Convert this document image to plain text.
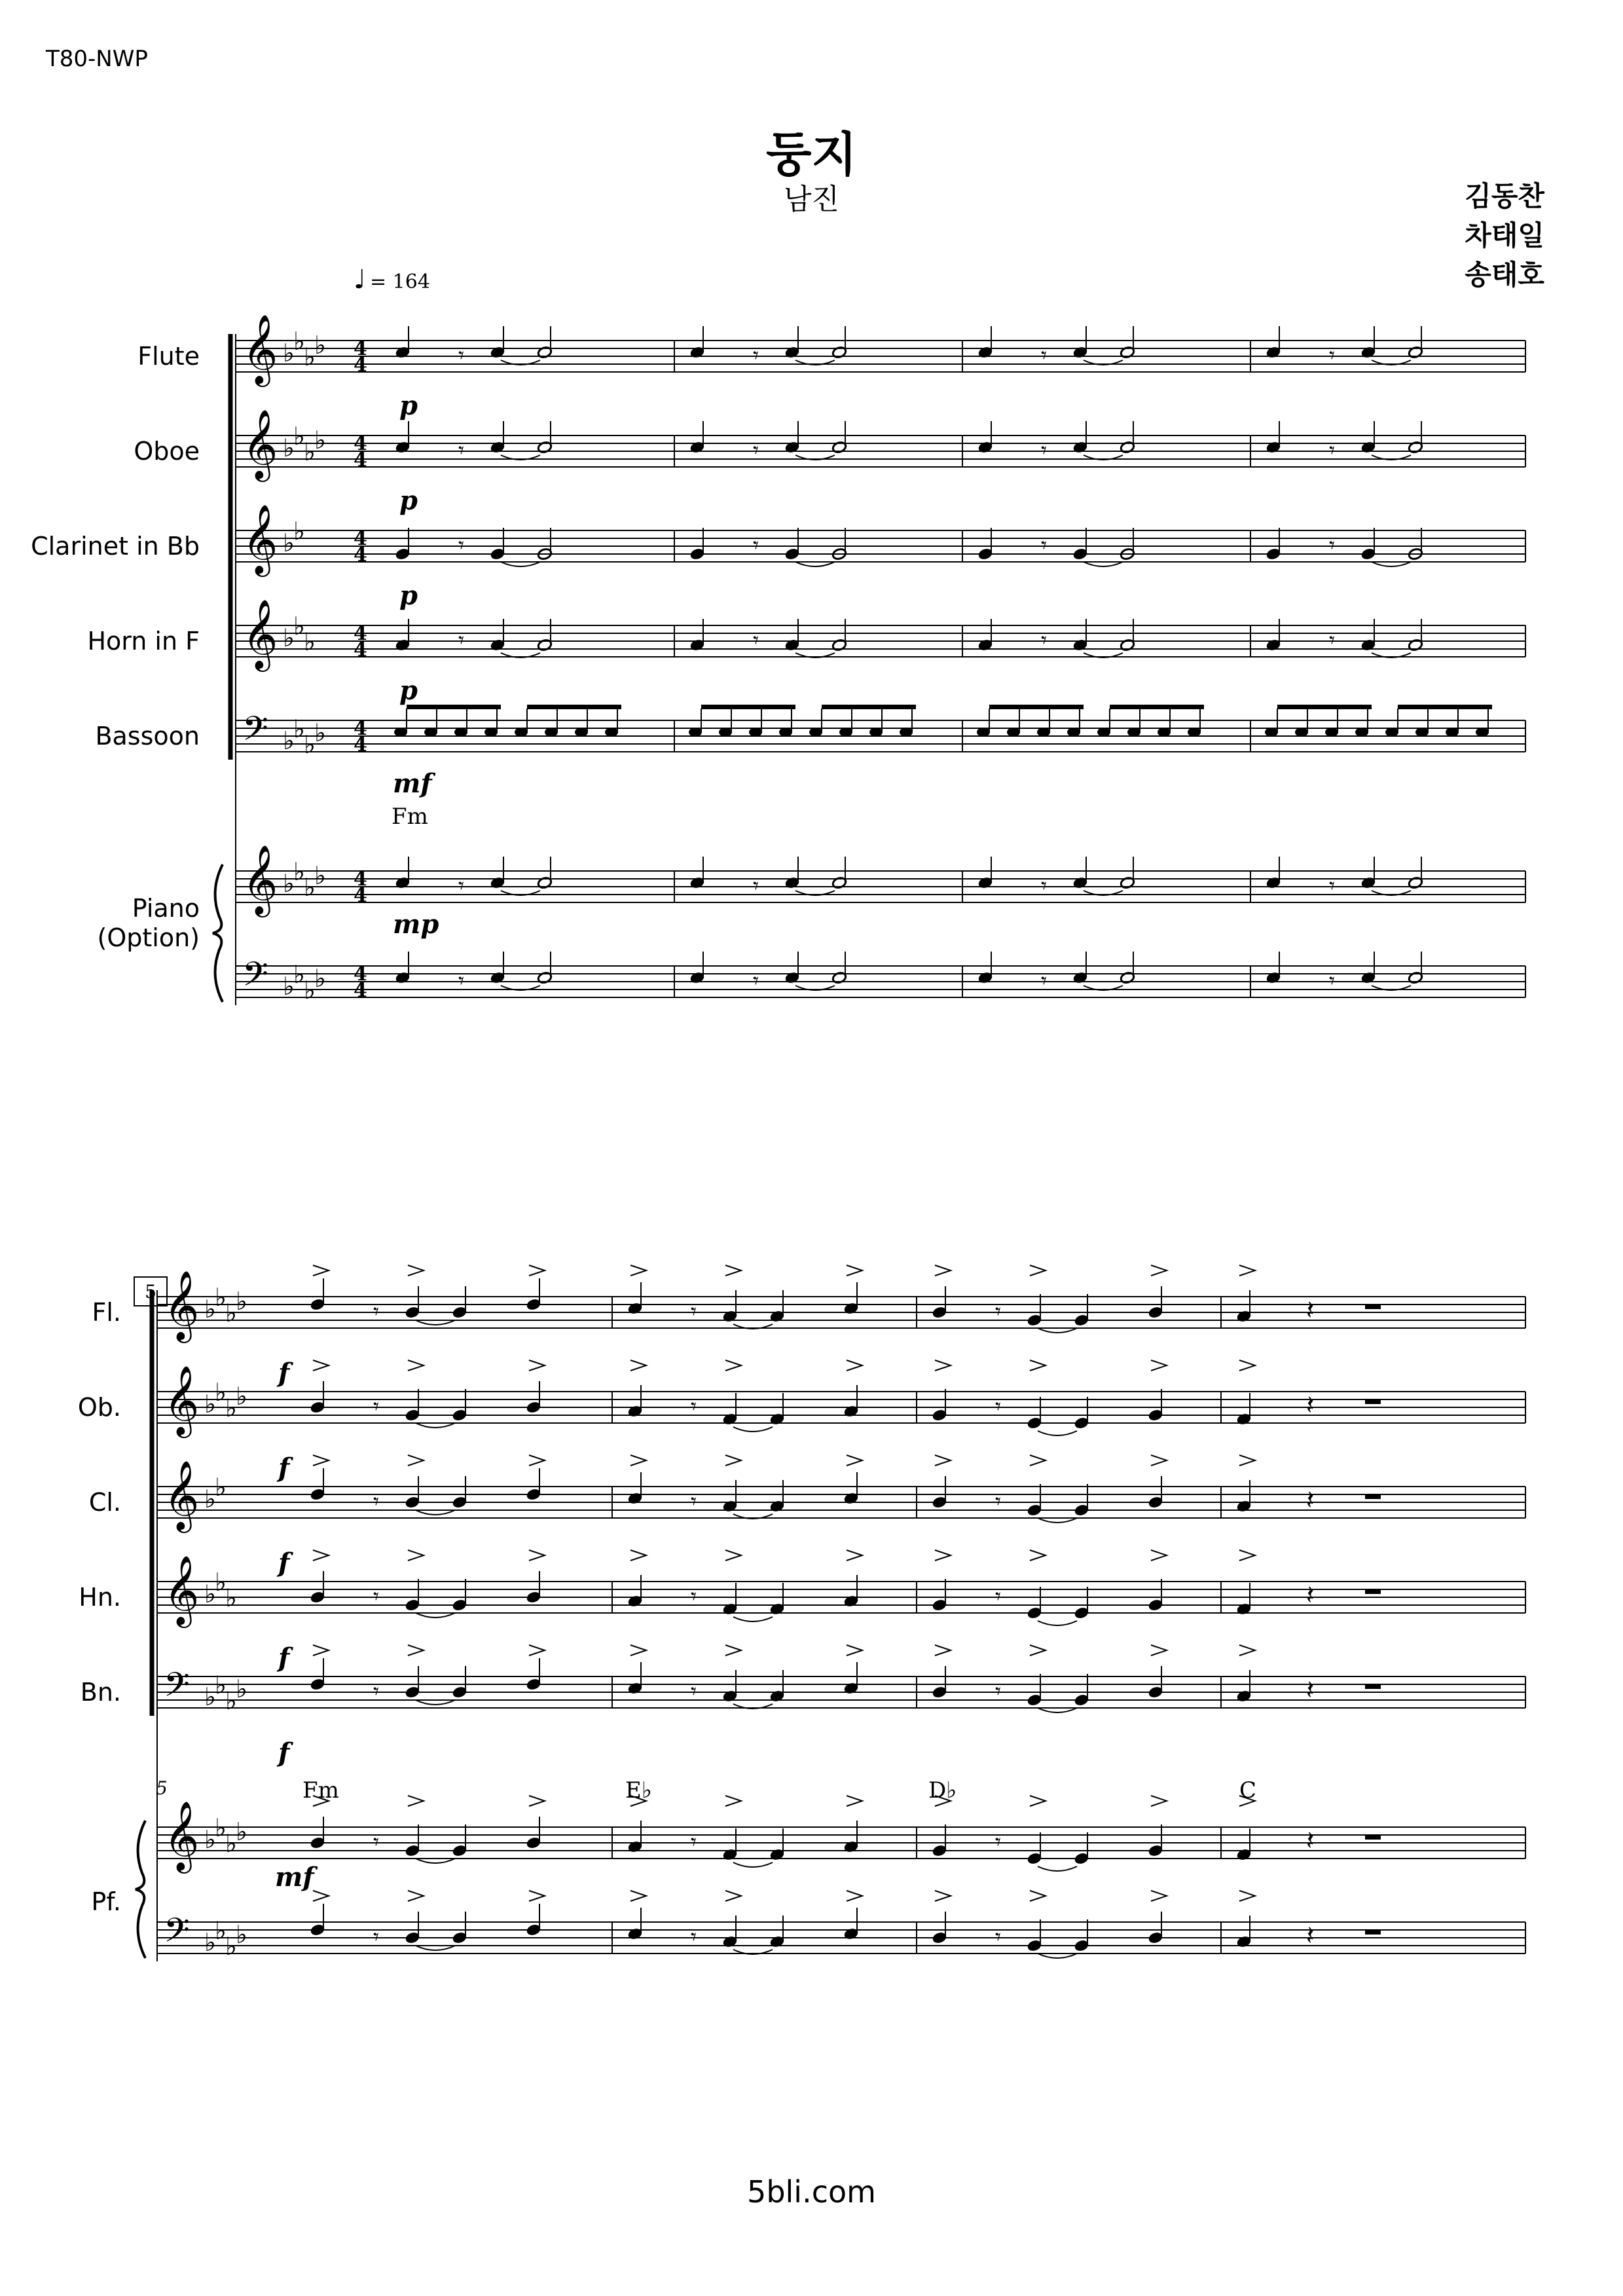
T80-NWP
둥지
남진	김동찬
차태일
송태호
𝄞 ♭
♭
♭
♭ 4
4
𝄞 ♭
♭
♭
♭ 4
4
𝄞 ♭
♭ 4
4
𝄞 ♭
♭
♭ 4
4
𝄢 ♭
♭
♭
♭ 4
4
𝄞 ♭
♭
♭
♭ 4
4
𝄢 ♭
♭
♭
♭ 4
4
𝄾	𝄾	𝄾	𝄾
𝄾	𝄾	𝄾	𝄾
𝄾	𝄾	𝄾	𝄾
𝄾	𝄾	𝄾	𝄾
𝄾	𝄾	𝄾	𝄾
𝄾	𝄾	𝄾	𝄾
𝄞 ♭
♭
♭
♭
𝄞 ♭
♭
♭
♭
𝄞 ♭
♭
𝄞 ♭
♭
♭
𝄢 ♭
♭
♭
♭
𝄞 ♭
♭
♭
♭
𝄢 ♭
♭
♭
♭
𝄾	𝄾	𝄾	𝄽
𝄾	𝄾	𝄾	𝄽
𝄾	𝄾	𝄾	𝄽
𝄾	𝄾	𝄾	𝄽
𝄾	𝄾	𝄾	𝄽
𝄾	𝄾	𝄾	𝄽
𝄾	𝄾	𝄾	𝄽
♩ = 164
Flute
Oboe
Clarinet in Bb
Horn in F
Bassoon
Piano
(Option)
p
p
p
p
mf
mp
Fm
5
Fl.
Ob.
Cl.
Hn.
Bn.
Pf.
5
f
f
f
f
f
mf
Fm	E♭	D♭	C
5bli.com
